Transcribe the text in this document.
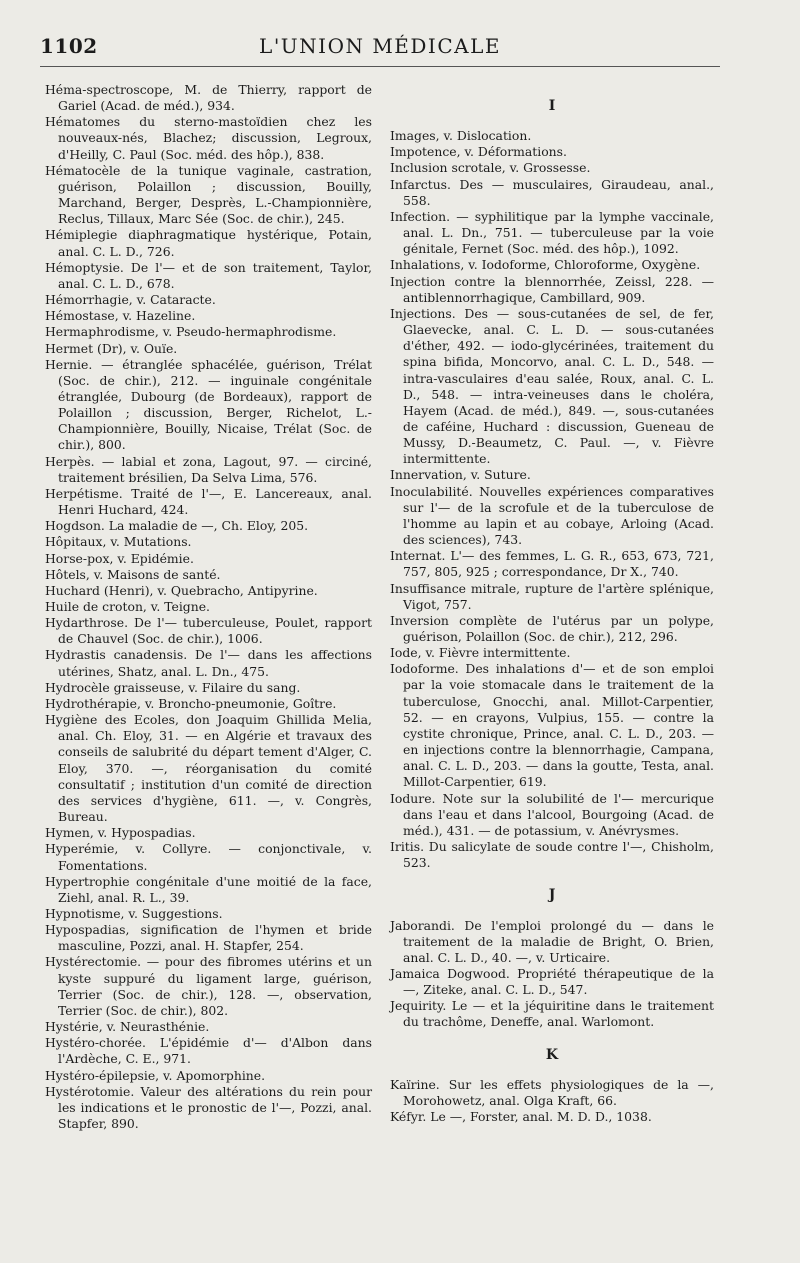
1102	L'UNION MÉDICALE

Héma-spectroscope, M. de Thierry, rapport de Gariel (Acad. de méd.), 934.

Hématomes du sterno-mastoïdien chez les nouveaux-nés, Blachez; discussion, Legroux, d'Heilly, C. Paul (Soc. méd. des hôp.), 838.

Hématocèle de la tunique vaginale, castration, guérison, Polaillon ; discussion, Bouilly, Marchand, Berger, Desprès, L.-Championnière, Reclus, Tillaux, Marc Sée (Soc. de chir.), 245.

Hémiplegie diaphragmatique hystérique, Potain, anal. C. L. D., 726.

Hémoptysie. De l'— et de son traitement, Taylor, anal. C. L. D., 678.

Hémorrhagie, v. Cataracte.

Hémostase, v. Hazeline.

Hermaphrodisme, v. Pseudo-hermaphrodisme.

Hermet (Dr), v. Ouïe.

Hernie. — étranglée sphacélée, guérison, Trélat (Soc. de chir.), 212. — inguinale congénitale étranglée, Dubourg (de Bordeaux), rapport de Polaillon ; discussion, Berger, Richelot, L.-Championnière, Bouilly, Nicaise, Trélat (Soc. de chir.), 800.

Herpès. — labial et zona, Lagout, 97. — circiné, traitement brésilien, Da Selva Lima, 576.

Herpétisme. Traité de l'—, E. Lancereaux, anal. Henri Huchard, 424.

Hogdson. La maladie de —, Ch. Eloy, 205.

Hôpitaux, v. Mutations.

Horse-pox, v. Epidémie.

Hôtels, v. Maisons de santé.

Huchard (Henri), v. Quebracho, Antipyrine.

Huile de croton, v. Teigne.

Hydarthrose. De l'— tuberculeuse, Poulet, rapport de Chauvel (Soc. de chir.), 1006.

Hydrastis canadensis. De l'— dans les affections utérines, Shatz, anal. L. Dn., 475.

Hydrocèle graisseuse, v. Filaire du sang.

Hydrothérapie, v. Broncho-pneumonie, Goître.

Hygiène des Ecoles, don Joaquim Ghillida Melia, anal. Ch. Eloy, 31. — en Algérie et travaux des conseils de salubrité du départ tement d'Alger, C. Eloy, 370. —, réorganisation du comité consultatif ; institution d'un comité de direction des services d'hygiène, 611. —, v. Congrès, Bureau.

Hymen, v. Hypospadias.

Hyperémie, v. Collyre. — conjonctivale, v. Fomentations.

Hypertrophie congénitale d'une moitié de la face, Ziehl, anal. R. L., 39.

Hypnotisme, v. Suggestions.

Hypospadias, signification de l'hymen et bride masculine, Pozzi, anal. H. Stapfer, 254.

Hystérectomie. — pour des fibromes utérins et un kyste suppuré du ligament large, guérison, Terrier (Soc. de chir.), 128. —, observation, Terrier (Soc. de chir.), 802.

Hystérie, v. Neurasthénie.

Hystéro-chorée. L'épidémie d'— d'Albon dans l'Ardèche, C. E., 971.

Hystéro-épilepsie, v. Apomorphine.

Hystérotomie. Valeur des altérations du rein pour les indications et le pronostic de l'—, Pozzi, anal. Stapfer, 890.

I

Images, v. Dislocation.

Impotence, v. Déformations.

Inclusion scrotale, v. Grossesse.

Infarctus. Des — musculaires, Giraudeau, anal., 558.

Infection. — syphilitique par la lymphe vaccinale, anal. L. Dn., 751. — tuberculeuse par la voie génitale, Fernet (Soc. méd. des hôp.), 1092.

Inhalations, v. Iodoforme, Chloroforme, Oxygène.

Injection contre la blennorrhée, Zeissl, 228. — antiblennorrhagique, Cambillard, 909.

Injections. Des — sous-cutanées de sel, de fer, Glaevecke, anal. C. L. D. — sous-cutanées d'éther, 492. — iodo-glycérinées, traitement du spina bifida, Moncorvo, anal. C. L. D., 548. — intra-vasculaires d'eau salée, Roux, anal. C. L. D., 548. — intra-veineuses dans le choléra, Hayem (Acad. de méd.), 849. —, sous-cutanées de caféine, Huchard : discussion, Gueneau de Mussy, D.-Beaumetz, C. Paul. —, v. Fièvre intermittente.

Innervation, v. Suture.

Inoculabilité. Nouvelles expériences comparatives sur l'— de la scrofule et de la tuberculose de l'homme au lapin et au cobaye, Arloing (Acad. des sciences), 743.

Internat. L'— des femmes, L. G. R., 653, 673, 721, 757, 805, 925 ; correspondance, Dr X., 740.

Insuffisance mitrale, rupture de l'artère splénique, Vigot, 757.

Inversion complète de l'utérus par un polype, guérison, Polaillon (Soc. de chir.), 212, 296.

Iode, v. Fièvre intermittente.

Iodoforme. Des inhalations d'— et de son emploi par la voie stomacale dans le traitement de la tuberculose, Gnocchi, anal. Millot-Carpentier, 52. — en crayons, Vulpius, 155. — contre la cystite chronique, Prince, anal. C. L. D., 203. — en injections contre la blennorrhagie, Campana, anal. C. L. D., 203. — dans la goutte, Testa, anal. Millot-Carpentier, 619.

Iodure. Note sur la solubilité de l'— mercurique dans l'eau et dans l'alcool, Bourgoing (Acad. de méd.), 431. — de potassium, v. Anévrysmes.

Iritis. Du salicylate de soude contre l'—, Chisholm, 523.

J

Jaborandi. De l'emploi prolongé du — dans le traitement de la maladie de Bright, O. Brien, anal. C. L. D., 40. —, v. Urticaire.

Jamaica Dogwood. Propriété thérapeutique de la —, Ziteke, anal. C. L. D., 547.

Jequirity. Le — et la jéquiritine dans le traitement du trachôme, Deneffe, anal. Warlomont.

K

Kaïrine. Sur les effets physiologiques de la —, Morohowetz, anal. Olga Kraft, 66.

Kéfyr. Le —, Forster, anal. M. D. D., 1038.
